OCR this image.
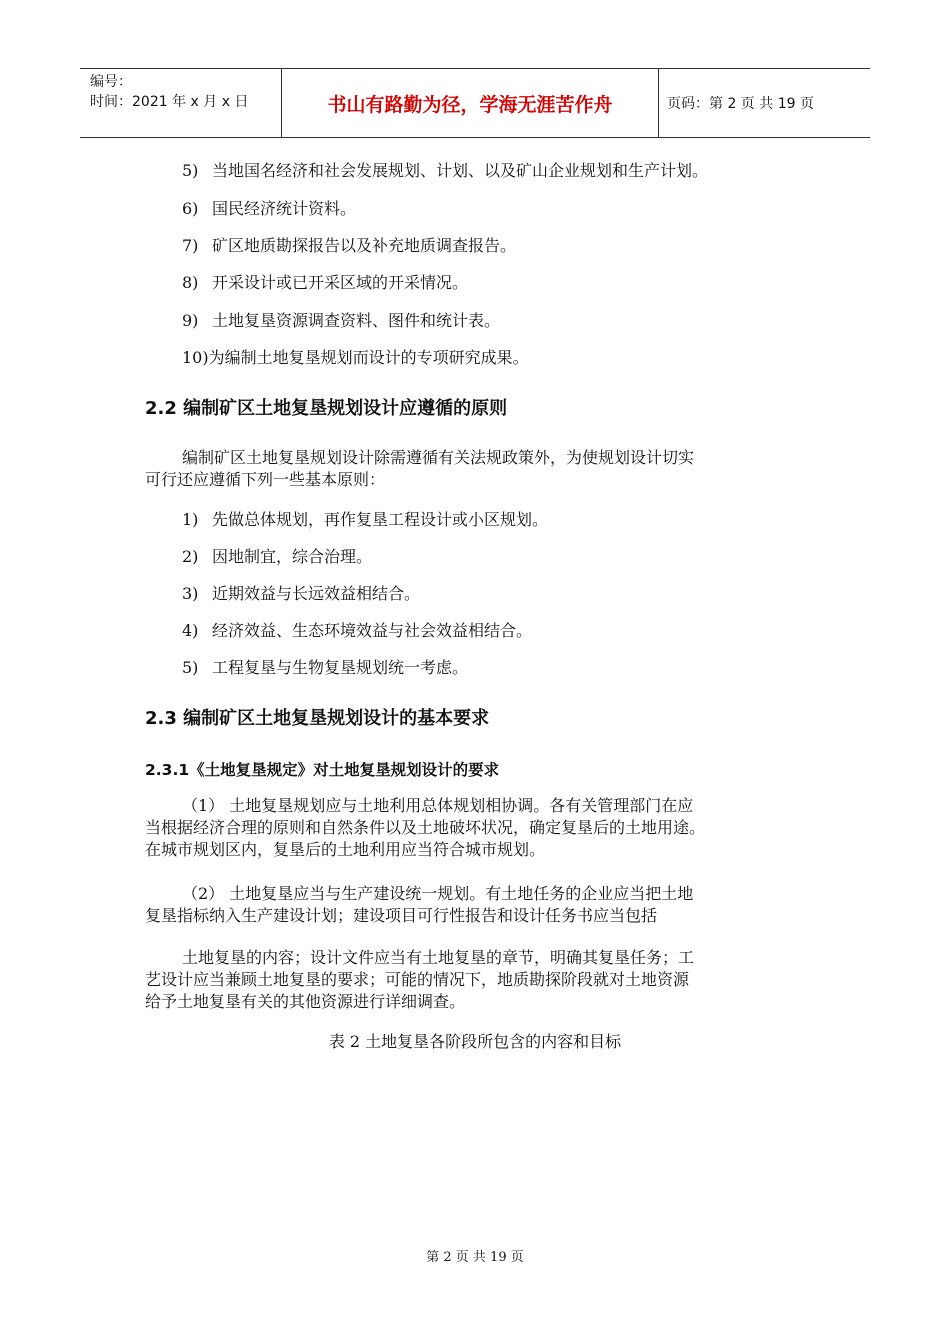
编号：
时间：2021 年 x 月 x 日	书山有路勤为径，学海无涯苦作舟	页码：第 2 页 共 19 页
5) 当地国名经济和社会发展规划、计划、以及矿山企业规划和生产计划。
6) 国民经济统计资料。
7) 矿区地质勘探报告以及补充地质调查报告。
8) 开采设计或已开采区域的开采情况。
9) 土地复垦资源调查资料、图件和统计表。
10)为编制土地复垦规划而设计的专项研究成果。
2.2 编制矿区土地复垦规划设计应遵循的原则
编制矿区土地复垦规划设计除需遵循有关法规政策外，为使规划设计切实
可行还应遵循下列一些基本原则：
1) 先做总体规划，再作复垦工程设计或小区规划。
2) 因地制宜，综合治理。
3) 近期效益与长远效益相结合。
4) 经济效益、生态环境效益与社会效益相结合。
5) 工程复垦与生物复垦规划统一考虑。
2.3 编制矿区土地复垦规划设计的基本要求
2.3.1《土地复垦规定》对土地复垦规划设计的要求
（1） 土地复垦规划应与土地利用总体规划相协调。各有关管理部门在应
当根据经济合理的原则和自然条件以及土地破坏状况，确定复垦后的土地用途。
在城市规划区内，复垦后的土地利用应当符合城市规划。
（2） 土地复垦应当与生产建设统一规划。有土地任务的企业应当把土地
复垦指标纳入生产建设计划；建设项目可行性报告和设计任务书应当包括
土地复垦的内容；设计文件应当有土地复垦的章节，明确其复垦任务；工
艺设计应当兼顾土地复垦的要求；可能的情况下，地质勘探阶段就对土地资源
给予土地复垦有关的其他资源进行详细调查。
表 2 土地复垦各阶段所包含的内容和目标
第 2 页 共 19 页
